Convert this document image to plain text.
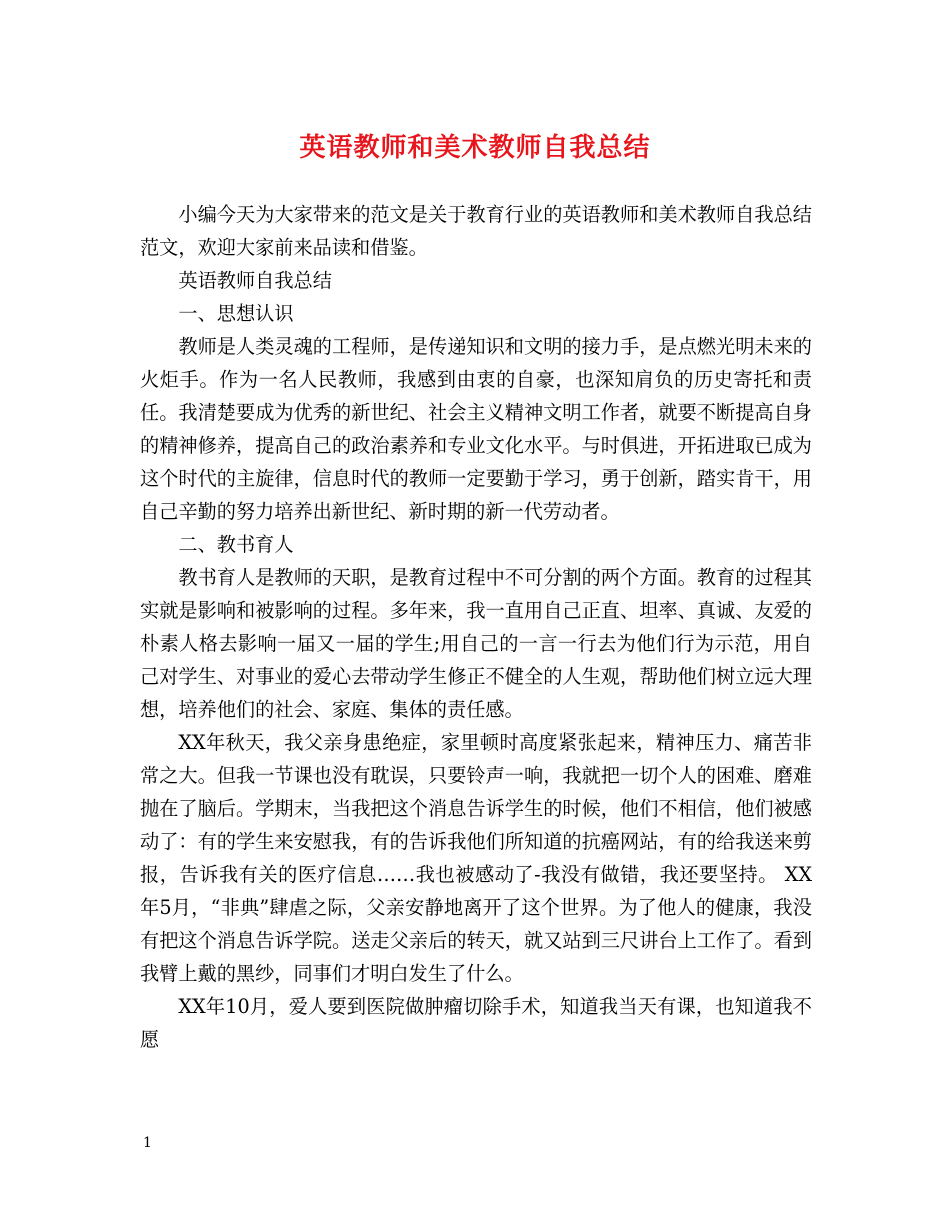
英语教师和美术教师自我总结

小编今天为大家带来的范文是关于教育行业的英语教师和美术教师自我总结范文，欢迎大家前来品读和借鉴。

英语教师自我总结

一、思想认识

教师是人类灵魂的工程师，是传递知识和文明的接力手，是点燃光明未来的火炬手。作为一名人民教师，我感到由衷的自豪，也深知肩负的历史寄托和责任。我清楚要成为优秀的新世纪、社会主义精神文明工作者，就要不断提高自身的精神修养，提高自己的政治素养和专业文化水平。与时俱进，开拓进取已成为这个时代的主旋律，信息时代的教师一定要勤于学习，勇于创新，踏实肯干，用自己辛勤的努力培养出新世纪、新时期的新一代劳动者。

二、教书育人

教书育人是教师的天职，是教育过程中不可分割的两个方面。教育的过程其实就是影响和被影响的过程。多年来，我一直用自己正直、坦率、真诚、友爱的朴素人格去影响一届又一届的学生;用自己的一言一行去为他们行为示范，用自己对学生、对事业的爱心去带动学生修正不健全的人生观，帮助他们树立远大理想，培养他们的社会、家庭、集体的责任感。

XX年秋天，我父亲身患绝症，家里顿时高度紧张起来，精神压力、痛苦非常之大。但我一节课也没有耽误，只要铃声一响，我就把一切个人的困难、磨难抛在了脑后。学期末，当我把这个消息告诉学生的时候，他们不相信，他们被感动了：有的学生来安慰我，有的告诉我他们所知道的抗癌网站，有的给我送来剪报，告诉我有关的医疗信息……我也被感动了-我没有做错，我还要坚持。 XX年5月，“非典”肆虐之际，父亲安静地离开了这个世界。为了他人的健康，我没有把这个消息告诉学院。送走父亲后的转天，就又站到三尺讲台上工作了。看到我臂上戴的黑纱，同事们才明白发生了什么。

XX年10月，爱人要到医院做肿瘤切除手术，知道我当天有课，也知道我不愿

1
